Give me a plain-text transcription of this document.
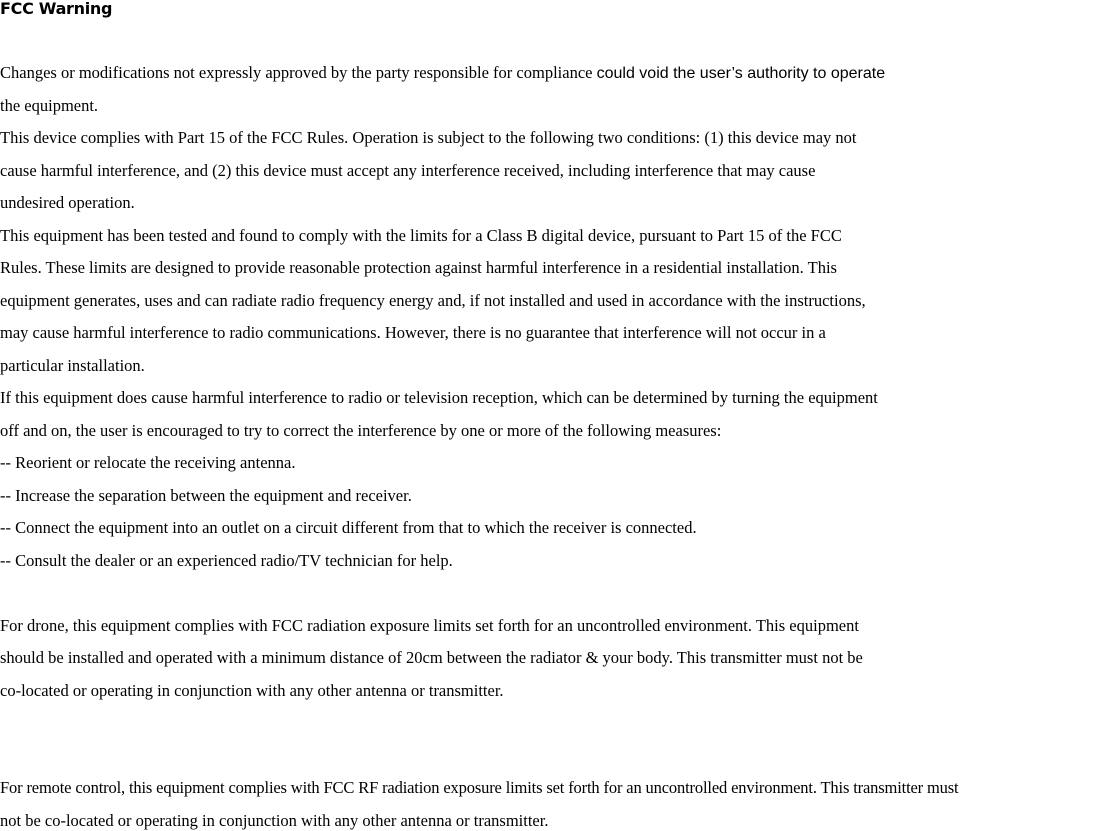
FCC Warning
Changes or modifications not expressly approved by the party responsible for compliance could void the user’s authority to operate
the equipment.
This device complies with Part 15 of the FCC Rules. Operation is subject to the following two conditions: (1) this device may not
cause harmful interference, and (2) this device must accept any interference received, including interference that may cause
undesired operation.
This equipment has been tested and found to comply with the limits for a Class B digital device, pursuant to Part 15 of the FCC
Rules. These limits are designed to provide reasonable protection against harmful interference in a residential installation. This
equipment generates, uses and can radiate radio frequency energy and, if not installed and used in accordance with the instructions,
may cause harmful interference to radio communications. However, there is no guarantee that interference will not occur in a
particular installation.
If this equipment does cause harmful interference to radio or television reception, which can be determined by turning the equipment
off and on, the user is encouraged to try to correct the interference by one or more of the following measures:
-- Reorient or relocate the receiving antenna.
-- Increase the separation between the equipment and receiver.
-- Connect the equipment into an outlet on a circuit different from that to which the receiver is connected.
-- Consult the dealer or an experienced radio/TV technician for help.
For drone, this equipment complies with FCC radiation exposure limits set forth for an uncontrolled environment. This equipment
should be installed and operated with a minimum distance of 20cm between the radiator & your body. This transmitter must not be
co-located or operating in conjunction with any other antenna or transmitter.
For remote control, this equipment complies with FCC RF radiation exposure limits set forth for an uncontrolled environment. This transmitter must
not be co-located or operating in conjunction with any other antenna or transmitter.
